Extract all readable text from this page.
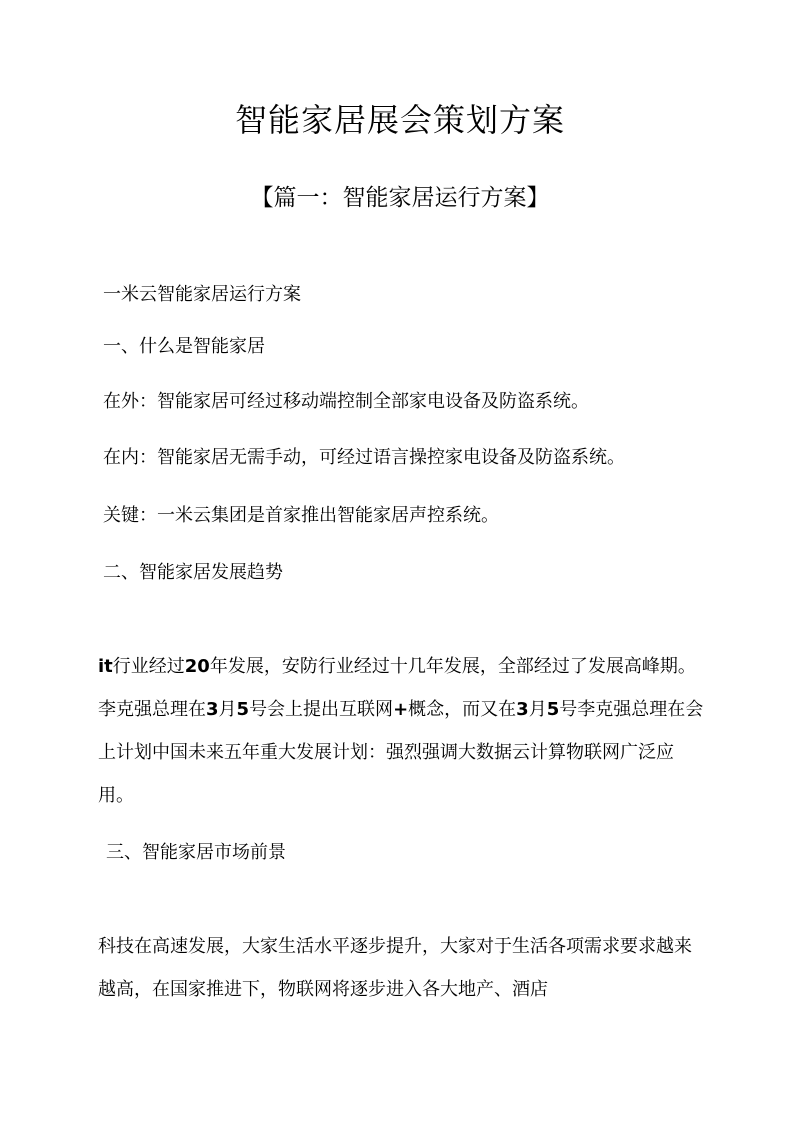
智能家居展会策划方案
【篇一：智能家居运行方案】

一米云智能家居运行方案

一、什么是智能家居

在外：智能家居可经过移动端控制全部家电设备及防盗系统。

在内：智能家居无需手动，可经过语言操控家电设备及防盗系统。

关键：一米云集团是首家推出智能家居声控系统。

二、智能家居发展趋势

it行业经过20年发展，安防行业经过十几年发展，全部经过了发展高峰期。李克强总理在3月5号会上提出互联网+概念，而又在3月5号李克强总理在会上计划中国未来五年重大发展计划：强烈强调大数据云计算物联网广泛应用。

三、智能家居市场前景

科技在高速发展，大家生活水平逐步提升，大家对于生活各项需求要求越来越高，在国家推进下，物联网将逐步进入各大地产、酒店
